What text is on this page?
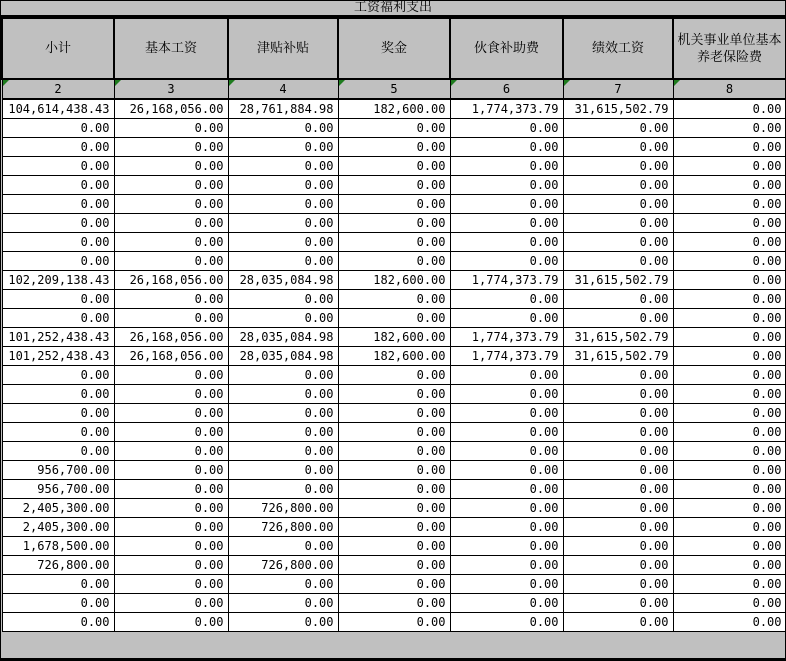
工资福利支出
小计	基本工资	津贴补贴	奖金	伙食补助费	绩效工资	机关事业单位基本养老保险费

2	3	4	5	6	7	8
104,614,438.43	26,168,056.00	28,761,884.98	182,600.00	1,774,373.79	31,615,502.79	0.00
0.00	0.00	0.00	0.00	0.00	0.00	0.00
0.00	0.00	0.00	0.00	0.00	0.00	0.00
0.00	0.00	0.00	0.00	0.00	0.00	0.00
0.00	0.00	0.00	0.00	0.00	0.00	0.00
0.00	0.00	0.00	0.00	0.00	0.00	0.00
0.00	0.00	0.00	0.00	0.00	0.00	0.00
0.00	0.00	0.00	0.00	0.00	0.00	0.00
0.00	0.00	0.00	0.00	0.00	0.00	0.00
102,209,138.43	26,168,056.00	28,035,084.98	182,600.00	1,774,373.79	31,615,502.79	0.00
0.00	0.00	0.00	0.00	0.00	0.00	0.00
0.00	0.00	0.00	0.00	0.00	0.00	0.00
101,252,438.43	26,168,056.00	28,035,084.98	182,600.00	1,774,373.79	31,615,502.79	0.00
101,252,438.43	26,168,056.00	28,035,084.98	182,600.00	1,774,373.79	31,615,502.79	0.00
0.00	0.00	0.00	0.00	0.00	0.00	0.00
0.00	0.00	0.00	0.00	0.00	0.00	0.00
0.00	0.00	0.00	0.00	0.00	0.00	0.00
0.00	0.00	0.00	0.00	0.00	0.00	0.00
0.00	0.00	0.00	0.00	0.00	0.00	0.00
956,700.00	0.00	0.00	0.00	0.00	0.00	0.00
956,700.00	0.00	0.00	0.00	0.00	0.00	0.00
2,405,300.00	0.00	726,800.00	0.00	0.00	0.00	0.00
2,405,300.00	0.00	726,800.00	0.00	0.00	0.00	0.00
1,678,500.00	0.00	0.00	0.00	0.00	0.00	0.00
726,800.00	0.00	726,800.00	0.00	0.00	0.00	0.00
0.00	0.00	0.00	0.00	0.00	0.00	0.00
0.00	0.00	0.00	0.00	0.00	0.00	0.00
0.00	0.00	0.00	0.00	0.00	0.00	0.00
